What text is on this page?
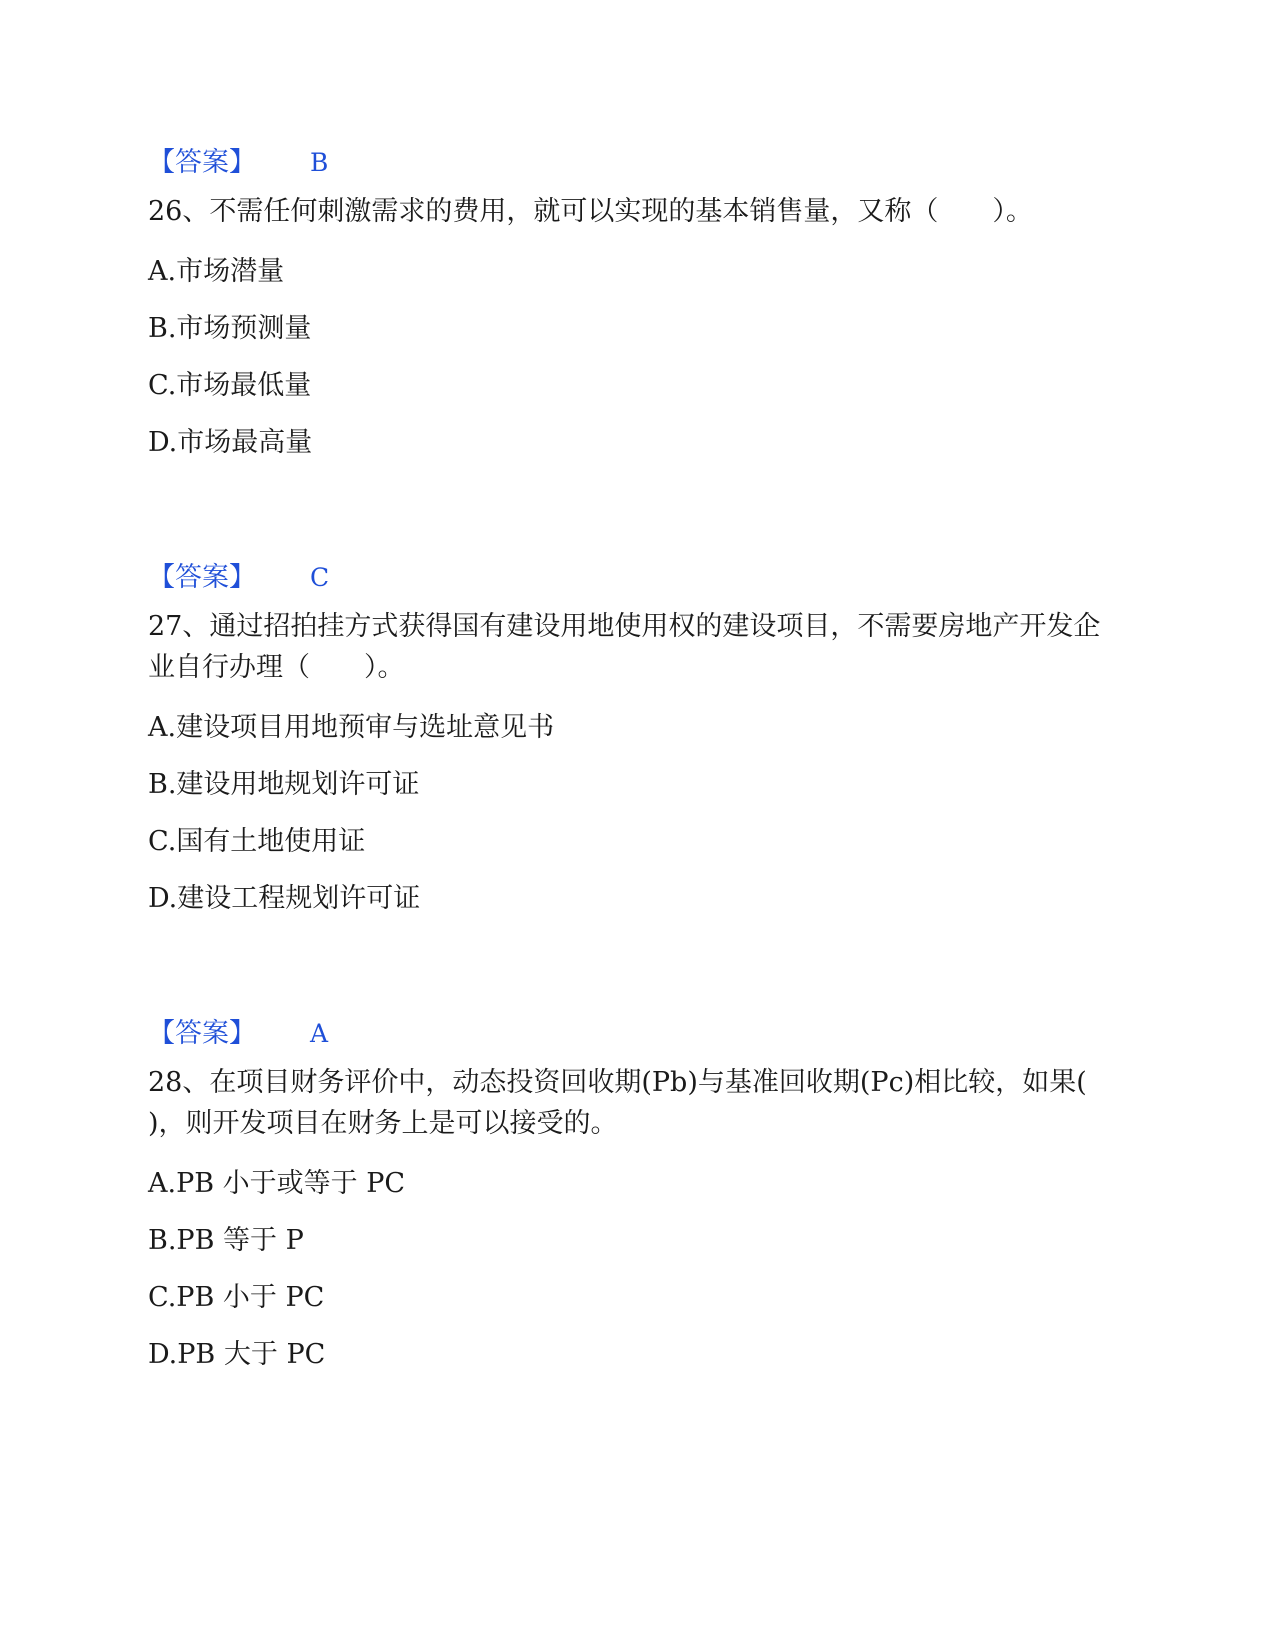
【答案】 B
26、不需任何刺激需求的费用，就可以实现的基本销售量，又称（　　）。
A.市场潜量
B.市场预测量
C.市场最低量
D.市场最高量
【答案】 C
27、通过招拍挂方式获得国有建设用地使用权的建设项目，不需要房地产开发企业自行办理（　　）。
A.建设项目用地预审与选址意见书
B.建设用地规划许可证
C.国有土地使用证
D.建设工程规划许可证
【答案】 A
28、在项目财务评价中，动态投资回收期(Pb)与基准回收期(Pc)相比较，如果( )，则开发项目在财务上是可以接受的。
A.PB 小于或等于 PC
B.PB 等于 P
C.PB 小于 PC
D.PB 大于 PC
